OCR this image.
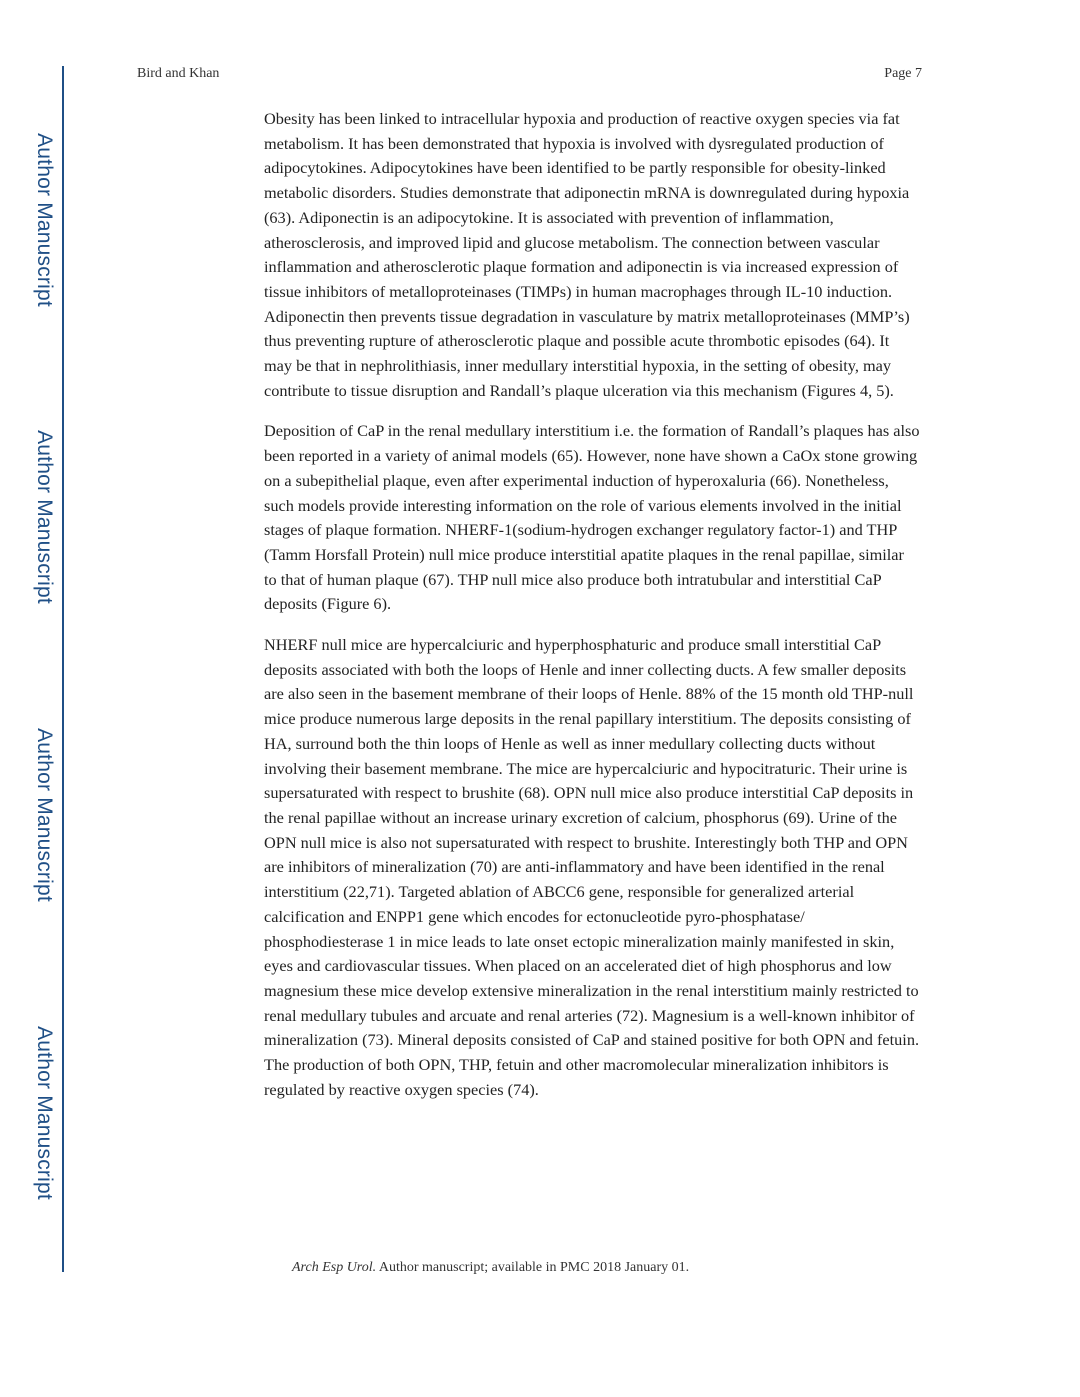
Author Manuscript
Author Manuscript
Author Manuscript
Author Manuscript
Bird and Khan	Page 7

Obesity has been linked to intracellular hypoxia and production of reactive oxygen species via fat metabolism. It has been demonstrated that hypoxia is involved with dysregulated production of adipocytokines. Adipocytokines have been identified to be partly responsible for obesity-linked metabolic disorders. Studies demonstrate that adiponectin mRNA is downregulated during hypoxia (63). Adiponectin is an adipocytokine. It is associated with prevention of inflammation, atherosclerosis, and improved lipid and glucose metabolism. The connection between vascular inflammation and atherosclerotic plaque formation and adiponectin is via increased expression of tissue inhibitors of metalloproteinases (TIMPs) in human macrophages through IL-10 induction. Adiponectin then prevents tissue degradation in vasculature by matrix metalloproteinases (MMP’s) thus preventing rupture of atherosclerotic plaque and possible acute thrombotic episodes (64). It may be that in nephrolithiasis, inner medullary interstitial hypoxia, in the setting of obesity, may contribute to tissue disruption and Randall’s plaque ulceration via this mechanism (Figures 4, 5).

Deposition of CaP in the renal medullary interstitium i.e. the formation of Randall’s plaques has also been reported in a variety of animal models (65). However, none have shown a CaOx stone growing on a subepithelial plaque, even after experimental induction of hyperoxaluria (66). Nonetheless, such models provide interesting information on the role of various elements involved in the initial stages of plaque formation. NHERF-1(sodium-hydrogen exchanger regulatory factor-1) and THP (Tamm Horsfall Protein) null mice produce interstitial apatite plaques in the renal papillae, similar to that of human plaque (67). THP null mice also produce both intratubular and interstitial CaP deposits (Figure 6).

NHERF null mice are hypercalciuric and hyperphosphaturic and produce small interstitial CaP deposits associated with both the loops of Henle and inner collecting ducts. A few smaller deposits are also seen in the basement membrane of their loops of Henle. 88% of the 15 month old THP-null mice produce numerous large deposits in the renal papillary interstitium. The deposits consisting of HA, surround both the thin loops of Henle as well as inner medullary collecting ducts without involving their basement membrane. The mice are hypercalciuric and hypocitraturic. Their urine is supersaturated with respect to brushite (68). OPN null mice also produce interstitial CaP deposits in the renal papillae without an increase urinary excretion of calcium, phosphorus (69). Urine of the OPN null mice is also not supersaturated with respect to brushite. Interestingly both THP and OPN are inhibitors of mineralization (70) are anti-inflammatory and have been identified in the renal interstitium (22,71). Targeted ablation of ABCC6 gene, responsible for generalized arterial calcification and ENPP1 gene which encodes for ectonucleotide pyro-phosphatase/ phosphodiesterase 1 in mice leads to late onset ectopic mineralization mainly manifested in skin, eyes and cardiovascular tissues. When placed on an accelerated diet of high phosphorus and low magnesium these mice develop extensive mineralization in the renal interstitium mainly restricted to renal medullary tubules and arcuate and renal arteries (72). Magnesium is a well-known inhibitor of mineralization (73). Mineral deposits consisted of CaP and stained positive for both OPN and fetuin. The production of both OPN, THP, fetuin and other macromolecular mineralization inhibitors is regulated by reactive oxygen species (74).

Arch Esp Urol. Author manuscript; available in PMC 2018 January 01.
